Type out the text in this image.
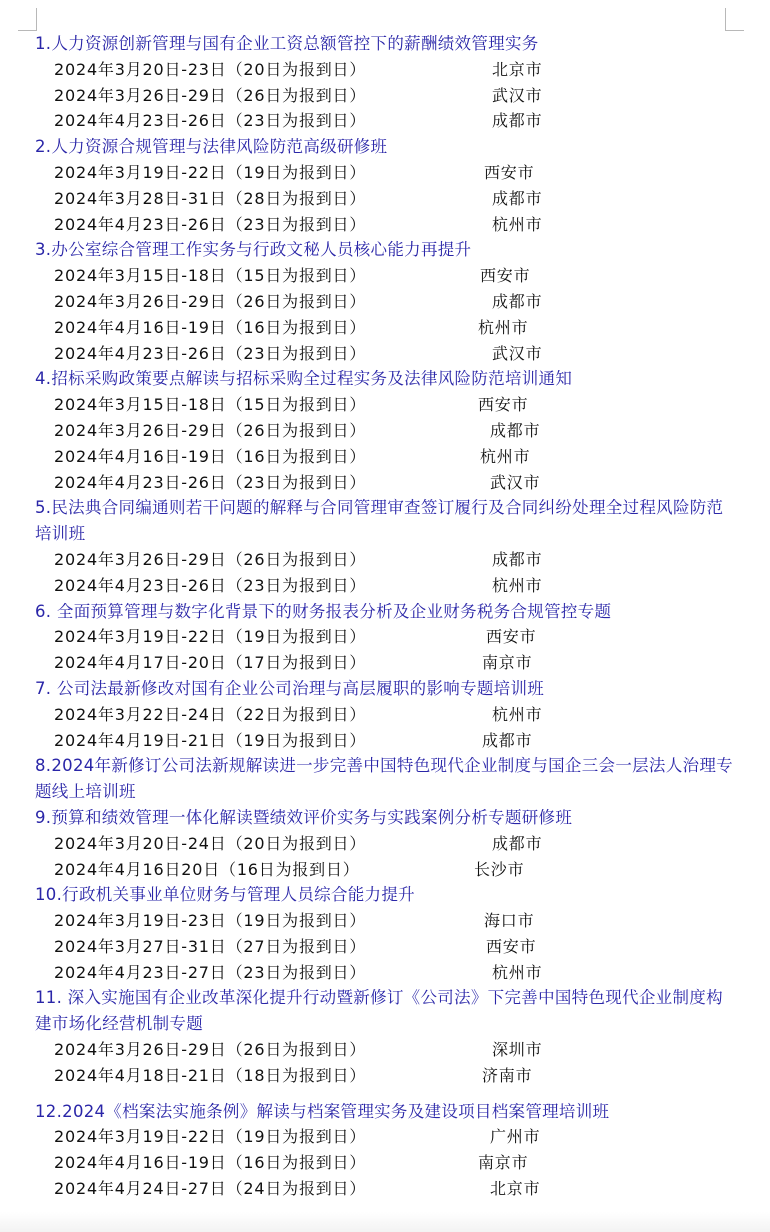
1.人力资源创新管理与国有企业工资总额管控下的薪酬绩效管理实务
2024年3月20日-23日（20日为报到日）	北京市
2024年3月26日-29日（26日为报到日）	武汉市
2024年4月23日-26日（23日为报到日）	成都市
2.人力资源合规管理与法律风险防范高级研修班
2024年3月19日-22日（19日为报到日）	西安市
2024年3月28日-31日（28日为报到日）	成都市
2024年4月23日-26日（23日为报到日）	杭州市
3.办公室综合管理工作实务与行政文秘人员核心能力再提升
2024年3月15日-18日（15日为报到日）	西安市
2024年3月26日-29日（26日为报到日）	成都市
2024年4月16日-19日（16日为报到日）	杭州市
2024年4月23日-26日（23日为报到日）	武汉市
4.招标采购政策要点解读与招标采购全过程实务及法律风险防范培训通知
2024年3月15日-18日（15日为报到日）	西安市
2024年3月26日-29日（26日为报到日）	成都市
2024年4月16日-19日（16日为报到日）	杭州市
2024年4月23日-26日（23日为报到日）	武汉市
5.民法典合同编通则若干问题的解释与合同管理审查签订履行及合同纠纷处理全过程风险防范培训班
2024年3月26日-29日（26日为报到日）	成都市
2024年4月23日-26日（23日为报到日）	杭州市
6. 全面预算管理与数字化背景下的财务报表分析及企业财务税务合规管控专题
2024年3月19日-22日（19日为报到日）	西安市
2024年4月17日-20日（17日为报到日）	南京市
7. 公司法最新修改对国有企业公司治理与高层履职的影响专题培训班
2024年3月22日-24日（22日为报到日）	杭州市
2024年4月19日-21日（19日为报到日）	成都市
8.2024年新修订公司法新规解读进一步完善中国特色现代企业制度与国企三会一层法人治理专题线上培训班
9.预算和绩效管理一体化解读暨绩效评价实务与实践案例分析专题研修班
2024年3月20日-24日（20日为报到日）	成都市
2024年4月16日20日（16日为报到日）	长沙市
10.行政机关事业单位财务与管理人员综合能力提升
2024年3月19日-23日（19日为报到日）	海口市
2024年3月27日-31日（27日为报到日）	西安市
2024年4月23日-27日（23日为报到日）	杭州市
11. 深入实施国有企业改革深化提升行动暨新修订《公司法》下完善中国特色现代企业制度构建市场化经营机制专题
2024年3月26日-29日（26日为报到日）	深圳市
2024年4月18日-21日（18日为报到日）	济南市
12.2024《档案法实施条例》解读与档案管理实务及建设项目档案管理培训班
2024年3月19日-22日（19日为报到日）	广州市
2024年4月16日-19日（16日为报到日）	南京市
2024年4月24日-27日（24日为报到日）	北京市
